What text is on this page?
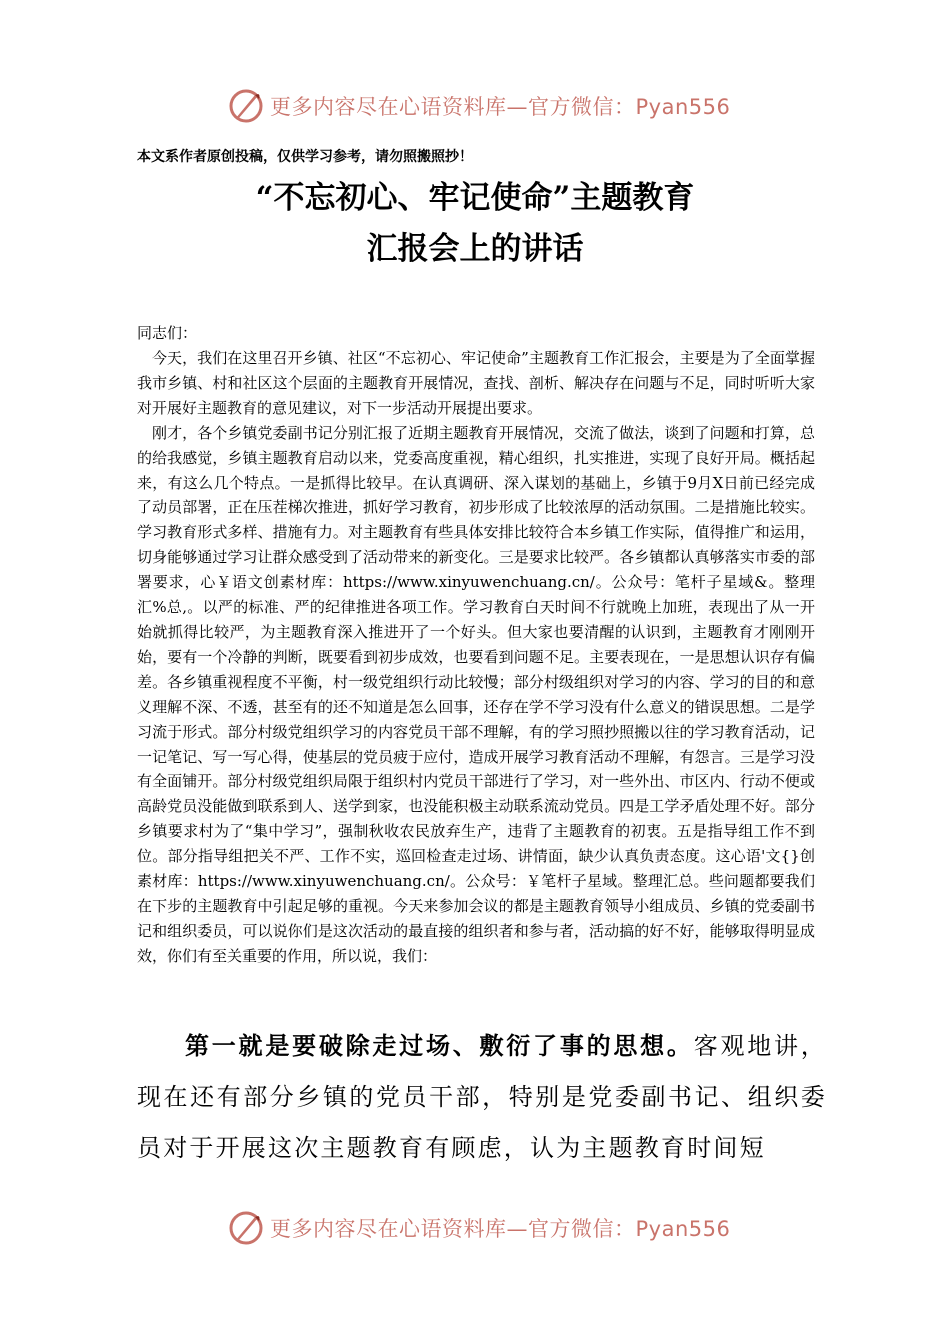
更多内容尽在心语资料库—官方微信：Pyan556
本文系作者原创投稿，仅供学习参考，请勿照搬照抄！
“不忘初心、牢记使命”主题教育
汇报会上的讲话
同志们：

今天，我们在这里召开乡镇、社区“不忘初心、牢记使命”主题教育工作汇报会，主要是为了全面掌握我市乡镇、村和社区这个层面的主题教育开展情况，查找、剖析、解决存在问题与不足，同时听听大家对开展好主题教育的意见建议，对下一步活动开展提出要求。

刚才，各个乡镇党委副书记分别汇报了近期主题教育开展情况，交流了做法，谈到了问题和打算，总的给我感觉，乡镇主题教育启动以来，党委高度重视，精心组织，扎实推进，实现了良好开局。概括起来，有这么几个特点。一是抓得比较早。在认真调研、深入谋划的基础上，乡镇于9月X日前已经完成了动员部署，正在压茬梯次推进，抓好学习教育，初步形成了比较浓厚的活动氛围。二是措施比较实。学习教育形式多样、措施有力。对主题教育有些具体安排比较符合本乡镇工作实际，值得推广和运用，切身能够通过学习让群众感受到了活动带来的新变化。三是要求比较严。各乡镇都认真够落实市委的部署要求，心￥语文创素材库：https://www.xinyuwenchuang.cn/。公众号：笔杆子星域&。整理汇%总,。以严的标准、严的纪律推进各项工作。学习教育白天时间不行就晚上加班，表现出了从一开始就抓得比较严，为主题教育深入推进开了一个好头。但大家也要清醒的认识到，主题教育才刚刚开始，要有一个冷静的判断，既要看到初步成效，也要看到问题不足。主要表现在，一是思想认识存有偏差。各乡镇重视程度不平衡，村一级党组织行动比较慢；部分村级组织对学习的内容、学习的目的和意义理解不深、不透，甚至有的还不知道是怎么回事，还存在学不学习没有什么意义的错误思想。二是学习流于形式。部分村级党组织学习的内容党员干部不理解，有的学习照抄照搬以往的学习教育活动，记一记笔记、写一写心得，使基层的党员疲于应付，造成开展学习教育活动不理解，有怨言。三是学习没有全面铺开。部分村级党组织局限于组织村内党员干部进行了学习，对一些外出、市区内、行动不便或高龄党员没能做到联系到人、送学到家，也没能积极主动联系流动党员。四是工学矛盾处理不好。部分乡镇要求村为了“集中学习”，强制秋收农民放弃生产，违背了主题教育的初衷。五是指导组工作不到位。部分指导组把关不严、工作不实，巡回检查走过场、讲情面，缺少认真负责态度。这心语'文{}创素材库：https://www.xinyuwenchuang.cn/。公众号：￥笔杆子星域。整理汇总。些问题都要我们在下步的主题教育中引起足够的重视。今天来参加会议的都是主题教育领导小组成员、乡镇的党委副书记和组织委员，可以说你们是这次活动的最直接的组织者和参与者，活动搞的好不好，能够取得明显成效，你们有至关重要的作用，所以说，我们：

第一就是要破除走过场、敷衍了事的思想。客观地讲，现在还有部分乡镇的党员干部，特别是党委副书记、组织委员对于开展这次主题教育有顾虑，认为主题教育时间短
更多内容尽在心语资料库—官方微信：Pyan556
